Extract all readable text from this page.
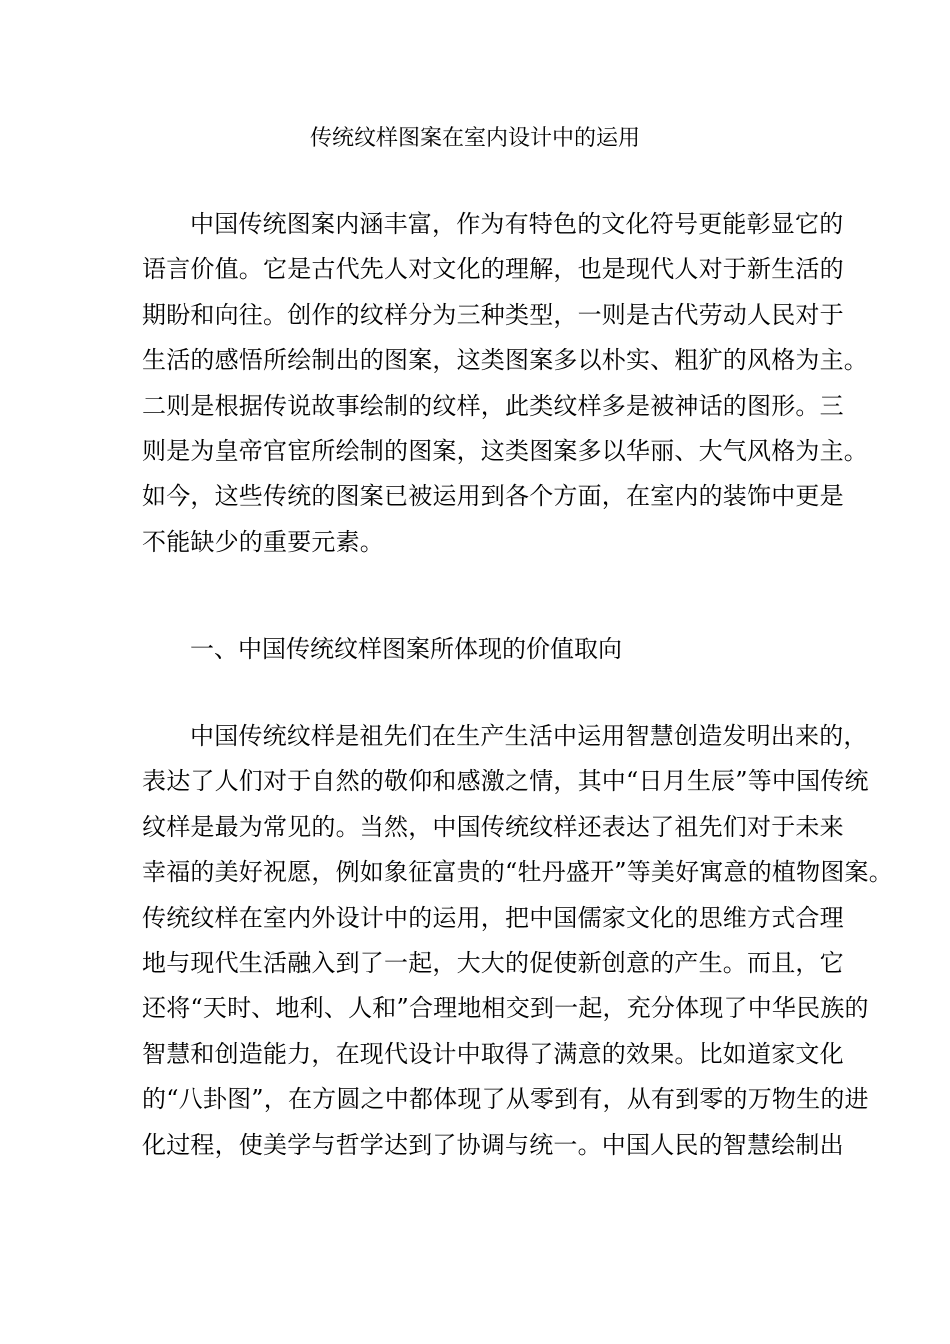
传统纹样图案在室内设计中的运用

中国传统图案内涵丰富，作为有特色的文化符号更能彰显它的
语言价值。它是古代先人对文化的理解，也是现代人对于新生活的
期盼和向往。创作的纹样分为三种类型，一则是古代劳动人民对于
生活的感悟所绘制出的图案，这类图案多以朴实、粗犷的风格为主。
二则是根据传说故事绘制的纹样，此类纹样多是被神话的图形。三
则是为皇帝官宦所绘制的图案，这类图案多以华丽、大气风格为主。
如今，这些传统的图案已被运用到各个方面，在室内的装饰中更是
不能缺少的重要元素。

一、中国传统纹样图案所体现的价值取向

中国传统纹样是祖先们在生产生活中运用智慧创造发明出来的，
表达了人们对于自然的敬仰和感激之情，其中“日月生辰”等中国传统
纹样是最为常见的。当然，中国传统纹样还表达了祖先们对于未来
幸福的美好祝愿，例如象征富贵的“牡丹盛开”等美好寓意的植物图案。
传统纹样在室内外设计中的运用，把中国儒家文化的思维方式合理
地与现代生活融入到了一起，大大的促使新创意的产生。而且，它
还将“天时、地利、人和”合理地相交到一起，充分体现了中华民族的
智慧和创造能力，在现代设计中取得了满意的效果。比如道家文化
的“八卦图”，在方圆之中都体现了从零到有，从有到零的万物生的进
化过程，使美学与哲学达到了协调与统一。中国人民的智慧绘制出
